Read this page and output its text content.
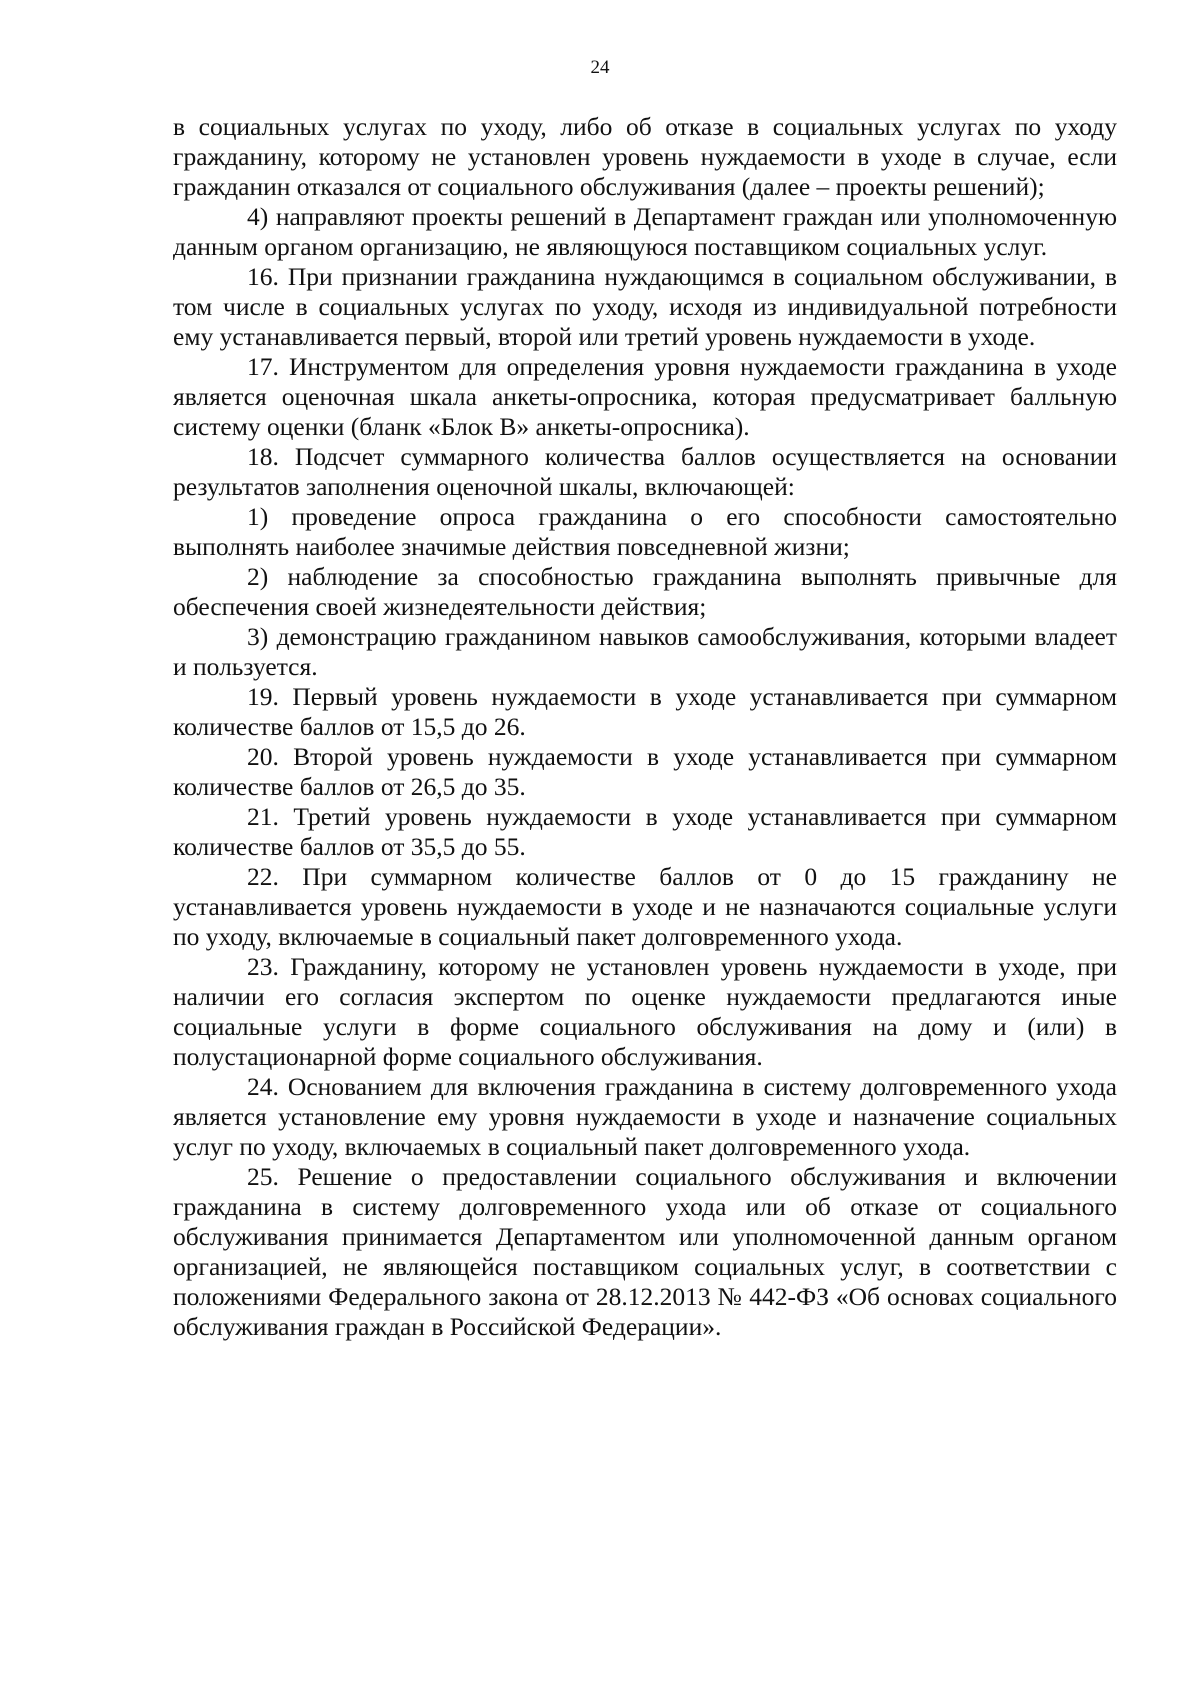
24

в социальных услугах по уходу, либо об отказе в социальных услугах по уходу гражданину, которому не установлен уровень нуждаемости в уходе в случае, если гражданин отказался от социального обслуживания (далее – проекты решений);

4) направляют проекты решений в Департамент граждан или уполномоченную данным органом организацию, не являющуюся поставщиком социальных услуг.

16. При признании гражданина нуждающимся в социальном обслуживании, в том числе в социальных услугах по уходу, исходя из индивидуальной потребности ему устанавливается первый, второй или третий уровень нуждаемости в уходе.

17. Инструментом для определения уровня нуждаемости гражданина в уходе является оценочная шкала анкеты-опросника, которая предусматривает балльную систему оценки (бланк «Блок В» анкеты-опросника).

18. Подсчет суммарного количества баллов осуществляется на основании результатов заполнения оценочной шкалы, включающей:

1) проведение опроса гражданина о его способности самостоятельно выполнять наиболее значимые действия повседневной жизни;

2) наблюдение за способностью гражданина выполнять привычные для обеспечения своей жизнедеятельности действия;

3) демонстрацию гражданином навыков самообслуживания, которыми владеет и пользуется.

19. Первый уровень нуждаемости в уходе устанавливается при суммарном количестве баллов от 15,5 до 26.

20. Второй уровень нуждаемости в уходе устанавливается при суммарном количестве баллов от 26,5 до 35.

21. Третий уровень нуждаемости в уходе устанавливается при суммарном количестве баллов от 35,5 до 55.

22. При суммарном количестве баллов от 0 до 15 гражданину не устанавливается уровень нуждаемости в уходе и не назначаются социальные услуги по уходу, включаемые в социальный пакет долговременного ухода.

23. Гражданину, которому не установлен уровень нуждаемости в уходе, при наличии его согласия экспертом по оценке нуждаемости предлагаются иные социальные услуги в форме социального обслуживания на дому и (или) в полустационарной форме социального обслуживания.

24. Основанием для включения гражданина в систему долговременного ухода является установление ему уровня нуждаемости в уходе и назначение социальных услуг по уходу, включаемых в социальный пакет долговременного ухода.

25. Решение о предоставлении социального обслуживания и включении гражданина в систему долговременного ухода или об отказе от социального обслуживания принимается Департаментом или уполномоченной данным органом организацией, не являющейся поставщиком социальных услуг, в соответствии с положениями Федерального закона от 28.12.2013 № 442-ФЗ «Об основах социального обслуживания граждан в Российской Федерации».
